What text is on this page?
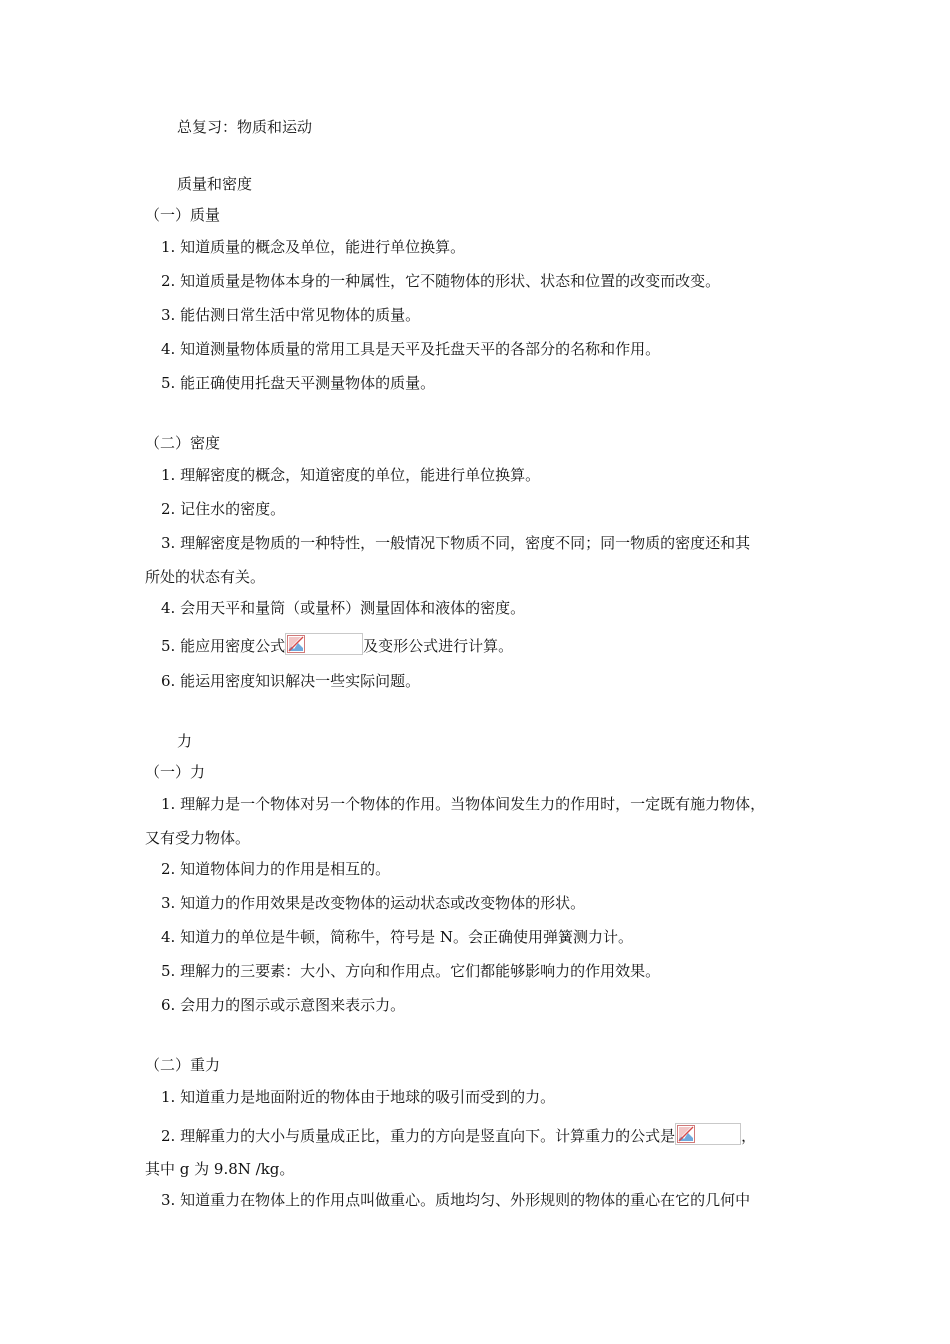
总复习：物质和运动
质量和密度
（一）质量
1. 知道质量的概念及单位，能进行单位换算。
2. 知道质量是物体本身的一种属性，它不随物体的形状、状态和位置的改变而改变。
3. 能估测日常生活中常见物体的质量。
4. 知道测量物体质量的常用工具是天平及托盘天平的各部分的名称和作用。
5. 能正确使用托盘天平测量物体的质量。
（二）密度
1. 理解密度的概念，知道密度的单位，能进行单位换算。
2. 记住水的密度。
3. 理解密度是物质的一种特性，一般情况下物质不同，密度不同；同一物质的密度还和其
所处的状态有关。
4. 会用天平和量筒（或量杯）测量固体和液体的密度。
5. 能应用密度公式	及变形公式进行计算。
6. 能运用密度知识解决一些实际问题。
力
（一）力
1. 理解力是一个物体对另一个物体的作用。当物体间发生力的作用时，一定既有施力物体，
又有受力物体。
2. 知道物体间力的作用是相互的。
3. 知道力的作用效果是改变物体的运动状态或改变物体的形状。
4. 知道力的单位是牛顿，简称牛，符号是 N。会正确使用弹簧测力计。
5. 理解力的三要素：大小、方向和作用点。它们都能够影响力的作用效果。
6. 会用力的图示或示意图来表示力。
（二）重力
1. 知道重力是地面附近的物体由于地球的吸引而受到的力。
2. 理解重力的大小与质量成正比，重力的方向是竖直向下。计算重力的公式是	，
其中 g 为 9.8N /kg。
3. 知道重力在物体上的作用点叫做重心。质地均匀、外形规则的物体的重心在它的几何中
